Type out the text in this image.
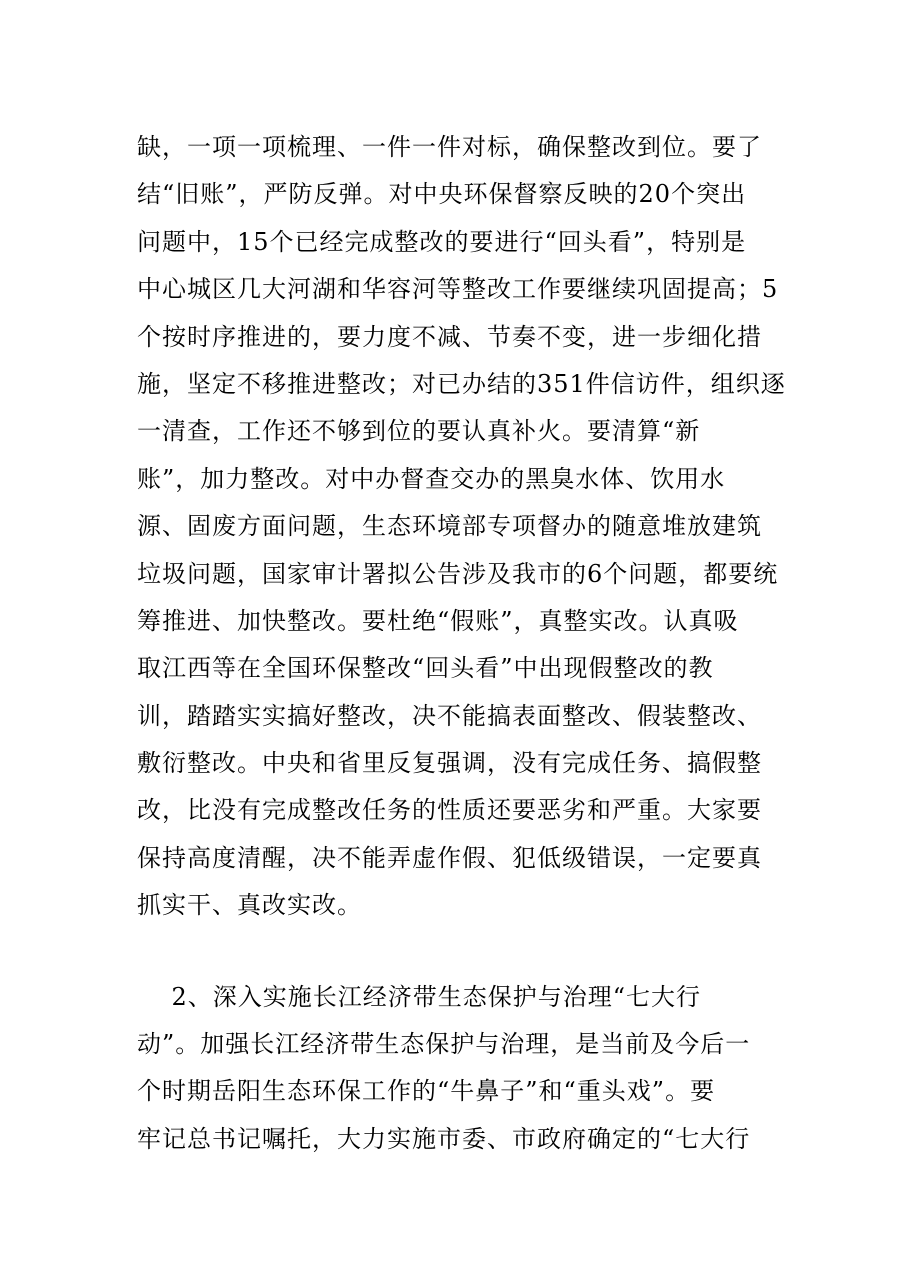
缺，一项一项梳理、一件一件对标，确保整改到位。要了
结“旧账”，严防反弹。对中央环保督察反映的20个突出
问题中，15个已经完成整改的要进行“回头看”，特别是
中心城区几大河湖和华容河等整改工作要继续巩固提高；5
个按时序推进的，要力度不减、节奏不变，进一步细化措
施，坚定不移推进整改；对已办结的351件信访件，组织逐
一清查，工作还不够到位的要认真补火。要清算“新
账”，加力整改。对中办督查交办的黑臭水体、饮用水
源、固废方面问题，生态环境部专项督办的随意堆放建筑
垃圾问题，国家审计署拟公告涉及我市的6个问题，都要统
筹推进、加快整改。要杜绝“假账”，真整实改。认真吸
取江西等在全国环保整改“回头看”中出现假整改的教
训，踏踏实实搞好整改，决不能搞表面整改、假装整改、
敷衍整改。中央和省里反复强调，没有完成任务、搞假整
改，比没有完成整改任务的性质还要恶劣和严重。大家要
保持高度清醒，决不能弄虚作假、犯低级错误，一定要真
抓实干、真改实改。
2、深入实施长江经济带生态保护与治理“七大行
动”。加强长江经济带生态保护与治理，是当前及今后一
个时期岳阳生态环保工作的“牛鼻子”和“重头戏”。要
牢记总书记嘱托，大力实施市委、市政府确定的“七大行
